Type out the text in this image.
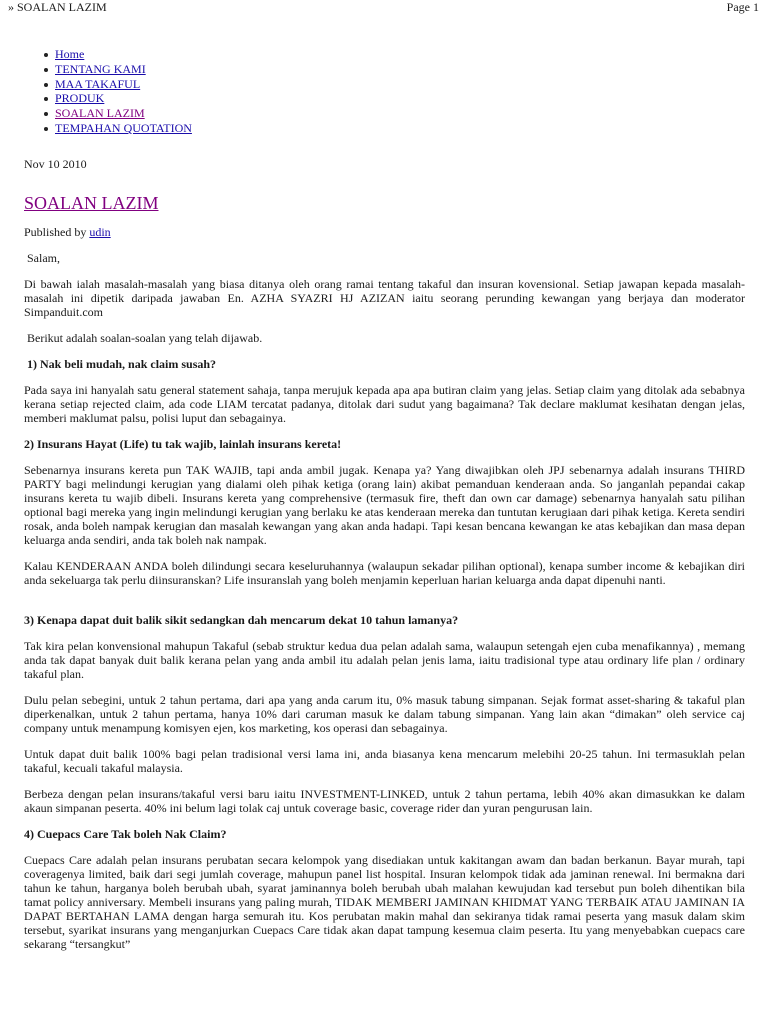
» SOALAN LAZIM	Page 1
Home
TENTANG KAMI
MAA TAKAFUL
PRODUK
SOALAN LAZIM
TEMPAHAN QUOTATION
Nov 10 2010
SOALAN LAZIM

Published by udin

Salam,

Di bawah ialah masalah-masalah yang biasa ditanya oleh orang ramai tentang takaful dan insuran kovensional. Setiap jawapan kepada masalah-masalah ini dipetik daripada jawaban En. AZHA SYAZRI HJ AZIZAN iaitu seorang perunding kewangan yang berjaya dan moderator Simpanduit.com

Berikut adalah soalan-soalan yang telah dijawab.

1) Nak beli mudah, nak claim susah?

Pada saya ini hanyalah satu general statement sahaja, tanpa merujuk kepada apa apa butiran claim yang jelas. Setiap claim yang ditolak ada sebabnya kerana setiap rejected claim, ada code LIAM tercatat padanya, ditolak dari sudut yang bagaimana? Tak declare maklumat kesihatan dengan jelas, memberi maklumat palsu, polisi luput dan sebagainya.

2) Insurans Hayat (Life) tu tak wajib, lainlah insurans kereta!

Sebenarnya insurans kereta pun TAK WAJIB, tapi anda ambil jugak. Kenapa ya? Yang diwajibkan oleh JPJ sebenarnya adalah insurans THIRD PARTY bagi melindungi kerugian yang dialami oleh pihak ketiga (orang lain) akibat pemanduan kenderaan anda. So janganlah pepandai cakap insurans kereta tu wajib dibeli. Insurans kereta yang comprehensive (termasuk fire, theft dan own car damage) sebenarnya hanyalah satu pilihan optional bagi mereka yang ingin melindungi kerugian yang berlaku ke atas kenderaan mereka dan tuntutan kerugiaan dari pihak ketiga. Kereta sendiri rosak, anda boleh nampak kerugian dan masalah kewangan yang akan anda hadapi. Tapi kesan bencana kewangan ke atas kebajikan dan masa depan keluarga anda sendiri, anda tak boleh nak nampak.

Kalau KENDERAAN ANDA boleh dilindungi secara keseluruhannya (walaupun sekadar pilihan optional), kenapa sumber income & kebajikan diri anda sekeluarga tak perlu diinsuranskan? Life insuranslah yang boleh menjamin keperluan harian keluarga anda dapat dipenuhi nanti.

3) Kenapa dapat duit balik sikit sedangkan dah mencarum dekat 10 tahun lamanya?

Tak kira pelan konvensional mahupun Takaful (sebab struktur kedua dua pelan adalah sama, walaupun setengah ejen cuba menafikannya) , memang anda tak dapat banyak duit balik kerana pelan yang anda ambil itu adalah pelan jenis lama, iaitu tradisional type atau ordinary life plan / ordinary takaful plan.

Dulu pelan sebegini, untuk 2 tahun pertama, dari apa yang anda carum itu, 0% masuk tabung simpanan. Sejak format asset-sharing & takaful plan diperkenalkan, untuk 2 tahun pertama, hanya 10% dari caruman masuk ke dalam tabung simpanan. Yang lain akan “dimakan” oleh service caj company untuk menampung komisyen ejen, kos marketing, kos operasi dan sebagainya.

Untuk dapat duit balik 100% bagi pelan tradisional versi lama ini, anda biasanya kena mencarum melebihi 20-25 tahun. Ini termasuklah pelan takaful, kecuali takaful malaysia.

Berbeza dengan pelan insurans/takaful versi baru iaitu INVESTMENT-LINKED, untuk 2 tahun pertama, lebih 40% akan dimasukkan ke dalam akaun simpanan peserta. 40% ini belum lagi tolak caj untuk coverage basic, coverage rider dan yuran pengurusan lain.

4) Cuepacs Care Tak boleh Nak Claim?

Cuepacs Care adalah pelan insurans perubatan secara kelompok yang disediakan untuk kakitangan awam dan badan berkanun. Bayar murah, tapi coveragenya limited, baik dari segi jumlah coverage, mahupun panel list hospital. Insuran kelompok tidak ada jaminan renewal. Ini bermakna dari tahun ke tahun, harganya boleh berubah ubah, syarat jaminannya boleh berubah ubah malahan kewujudan kad tersebut pun boleh dihentikan bila tamat policy anniversary. Membeli insurans yang paling murah, TIDAK MEMBERI JAMINAN KHIDMAT YANG TERBAIK ATAU JAMINAN IA DAPAT BERTAHAN LAMA dengan harga semurah itu. Kos perubatan makin mahal dan sekiranya tidak ramai peserta yang masuk dalam skim tersebut, syarikat insurans yang menganjurkan Cuepacs Care tidak akan dapat tampung kesemua claim peserta. Itu yang menyebabkan cuepacs care sekarang “tersangkut”
